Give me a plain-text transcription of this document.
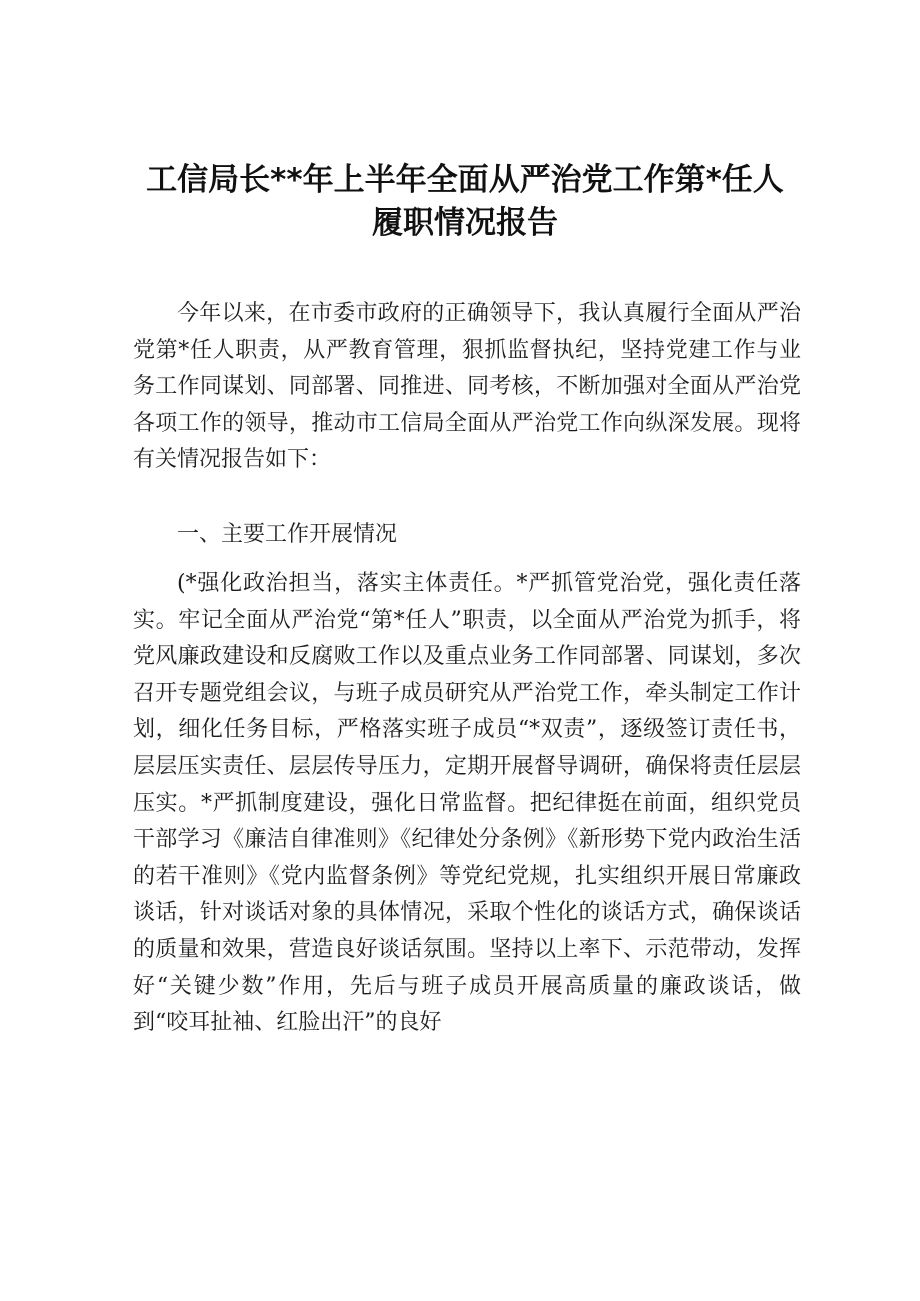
工信局长**年上半年全面从严治党工作第*任人
履职情况报告

今年以来，在市委市政府的正确领导下，我认真履行全面从严治党第*任人职责，从严教育管理，狠抓监督执纪，坚持党建工作与业务工作同谋划、同部署、同推进、同考核，不断加强对全面从严治党各项工作的领导，推动市工信局全面从严治党工作向纵深发展。现将有关情况报告如下：

一、主要工作开展情况

(*强化政治担当，落实主体责任。*严抓管党治党，强化责任落实。牢记全面从严治党“第*任人”职责，以全面从严治党为抓手，将党风廉政建设和反腐败工作以及重点业务工作同部署、同谋划，多次召开专题党组会议，与班子成员研究从严治党工作，牵头制定工作计划，细化任务目标，严格落实班子成员“*双责”，逐级签订责任书，层层压实责任、层层传导压力，定期开展督导调研，确保将责任层层压实。*严抓制度建设，强化日常监督。把纪律挺在前面，组织党员干部学习《廉洁自律准则》《纪律处分条例》《新形势下党内政治生活的若干准则》《党内监督条例》等党纪党规，扎实组织开展日常廉政谈话，针对谈话对象的具体情况，采取个性化的谈话方式，确保谈话的质量和效果，营造良好谈话氛围。坚持以上率下、示范带动，发挥好“关键少数”作用，先后与班子成员开展高质量的廉政谈话，做到“咬耳扯袖、红脸出汗”的良好
